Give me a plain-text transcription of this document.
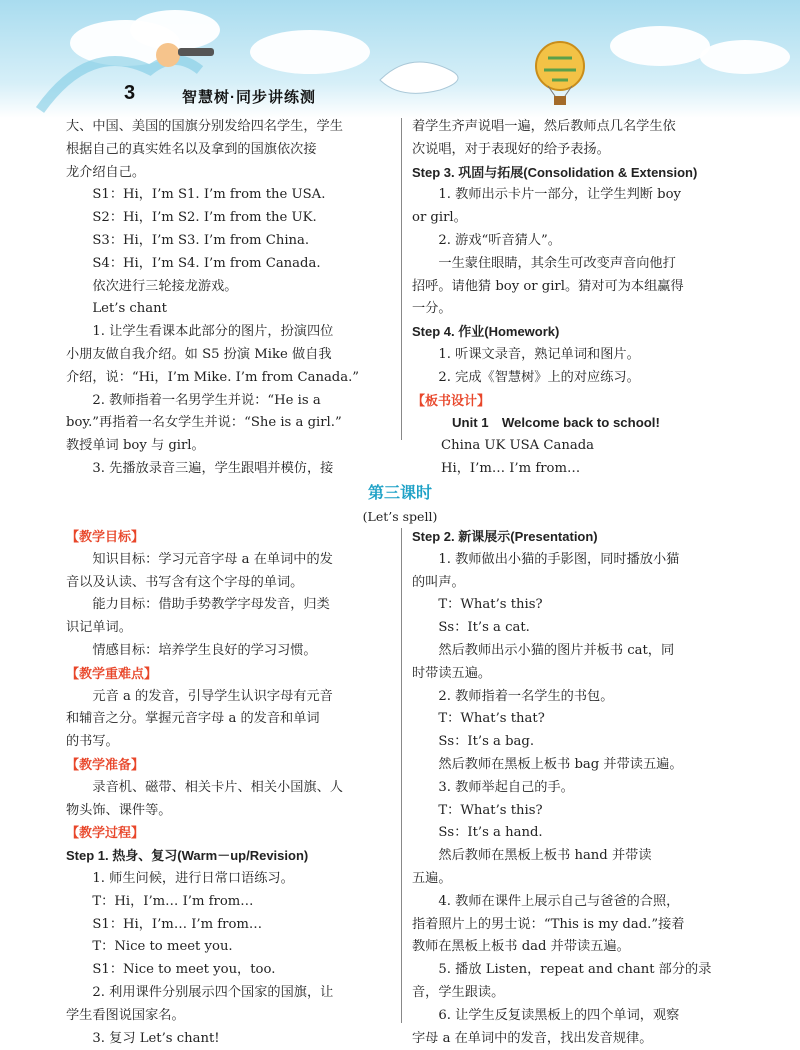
3	智慧树·同步讲练测

大、中国、美国的国旗分别发给四名学生，学生

根据自己的真实姓名以及拿到的国旗依次接

龙介绍自己。

S1：Hi，I’m S1. I’m from the USA.

S2：Hi，I’m S2. I’m from the UK.

S3：Hi，I’m S3. I’m from China.

S4：Hi，I’m S4. I’m from Canada.

依次进行三轮接龙游戏。

Let’s chant

1. 让学生看课本此部分的图片，扮演四位

小朋友做自我介绍。如 S5 扮演 Mike 做自我

介绍，说：“Hi，I’m Mike. I’m from Canada.”

2. 教师指着一名男学生并说：“He is a

boy.”再指着一名女学生并说：“She is a girl.”

教授单词 boy 与 girl。

3. 先播放录音三遍，学生跟唱并模仿，接

着学生齐声说唱一遍，然后教师点几名学生依

次说唱，对于表现好的给予表扬。

Step 3. 巩固与拓展(Consolidation & Extension)

1. 教师出示卡片一部分，让学生判断 boy

or girl。

2. 游戏“听音猜人”。

一生蒙住眼睛，其余生可改变声音向他打

招呼。请他猜 boy or girl。猜对可为本组赢得

一分。

Step 4. 作业(Homework)

1. 听课文录音，熟记单词和图片。

2. 完成《智慧树》上的对应练习。

【板书设计】

Unit 1　Welcome back to school!

China UK USA Canada

Hi，I’m… I’m from…

第三课时
(Let’s spell)

【教学目标】

知识目标：学习元音字母 a 在单词中的发

音以及认读、书写含有这个字母的单词。

能力目标：借助手势教学字母发音，归类

识记单词。

情感目标：培养学生良好的学习习惯。

【教学重难点】

元音 a 的发音，引导学生认识字母有元音

和辅音之分。掌握元音字母 a 的发音和单词

的书写。

【教学准备】

录音机、磁带、相关卡片、相关小国旗、人

物头饰、课件等。

【教学过程】

Step 1. 热身、复习(Warm－up/Revision)

1. 师生问候，进行日常口语练习。

T：Hi，I’m… I’m from…

S1：Hi，I’m… I’m from…

T：Nice to meet you.

S1：Nice to meet you，too.

2. 利用课件分别展示四个国家的国旗，让

学生看图说国家名。

3. 复习 Let’s chant!

Step 2. 新课展示(Presentation)

1. 教师做出小猫的手影图，同时播放小猫

的叫声。

T：What’s this?

Ss：It’s a cat.

然后教师出示小猫的图片并板书 cat，同

时带读五遍。

2. 教师指着一名学生的书包。

T：What’s that?

Ss：It’s a bag.

然后教师在黑板上板书 bag 并带读五遍。

3. 教师举起自己的手。

T：What’s this?

Ss：It’s a hand.

然后教师在黑板上板书 hand 并带读

五遍。

4. 教师在课件上展示自己与爸爸的合照，

指着照片上的男士说：“This is my dad.”接着

教师在黑板上板书 dad 并带读五遍。

5. 播放 Listen，repeat and chant 部分的录

音，学生跟读。

6. 让学生反复读黑板上的四个单词，观察

字母 a 在单词中的发音，找出发音规律。
